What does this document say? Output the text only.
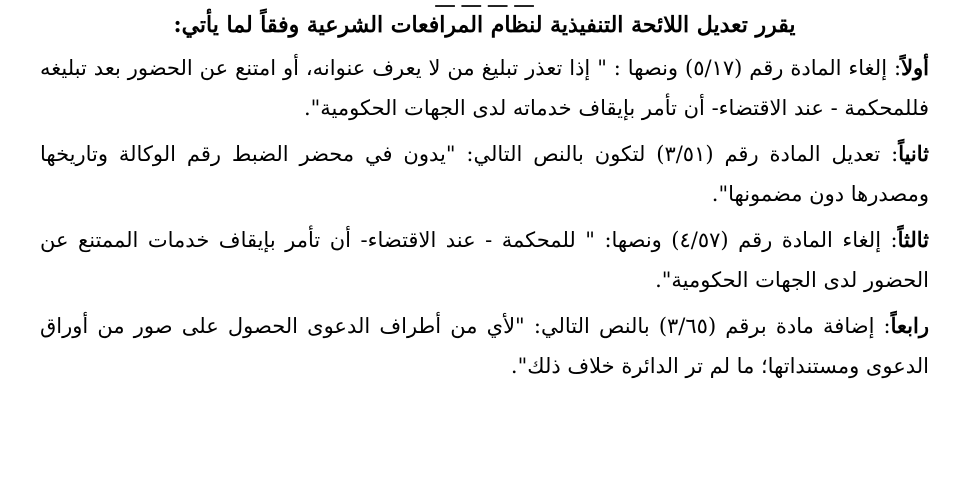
ـــ ـــ ـــ ـــ
يقرر تعديل اللائحة التنفيذية لنظام المرافعات الشرعية وفقاً لما يأتي:

أولاً: إلغاء المادة رقم (٥/١٧) ونصها : " إذا تعذر تبليغ من لا يعرف عنوانه، أو امتنع عن الحضور بعد تبليغه فللمحكمة - عند الاقتضاء- أن تأمر بإيقاف خدماته لدى الجهات الحكومية".

ثانياً: تعديل المادة رقم (٣/٥١) لتكون بالنص التالي: "يدون في محضر الضبط رقم الوكالة وتاريخها ومصدرها دون مضمونها".

ثالثاً: إلغاء المادة رقم (٤/٥٧) ونصها: " للمحكمة - عند الاقتضاء- أن تأمر بإيقاف خدمات الممتنع عن الحضور لدى الجهات الحكومية".

رابعاً: إضافة مادة برقم (٣/٦٥) بالنص التالي: "لأي من أطراف الدعوى الحصول على صور من أوراق الدعوى ومستنداتها؛ ما لم تر الدائرة خلاف ذلك".
